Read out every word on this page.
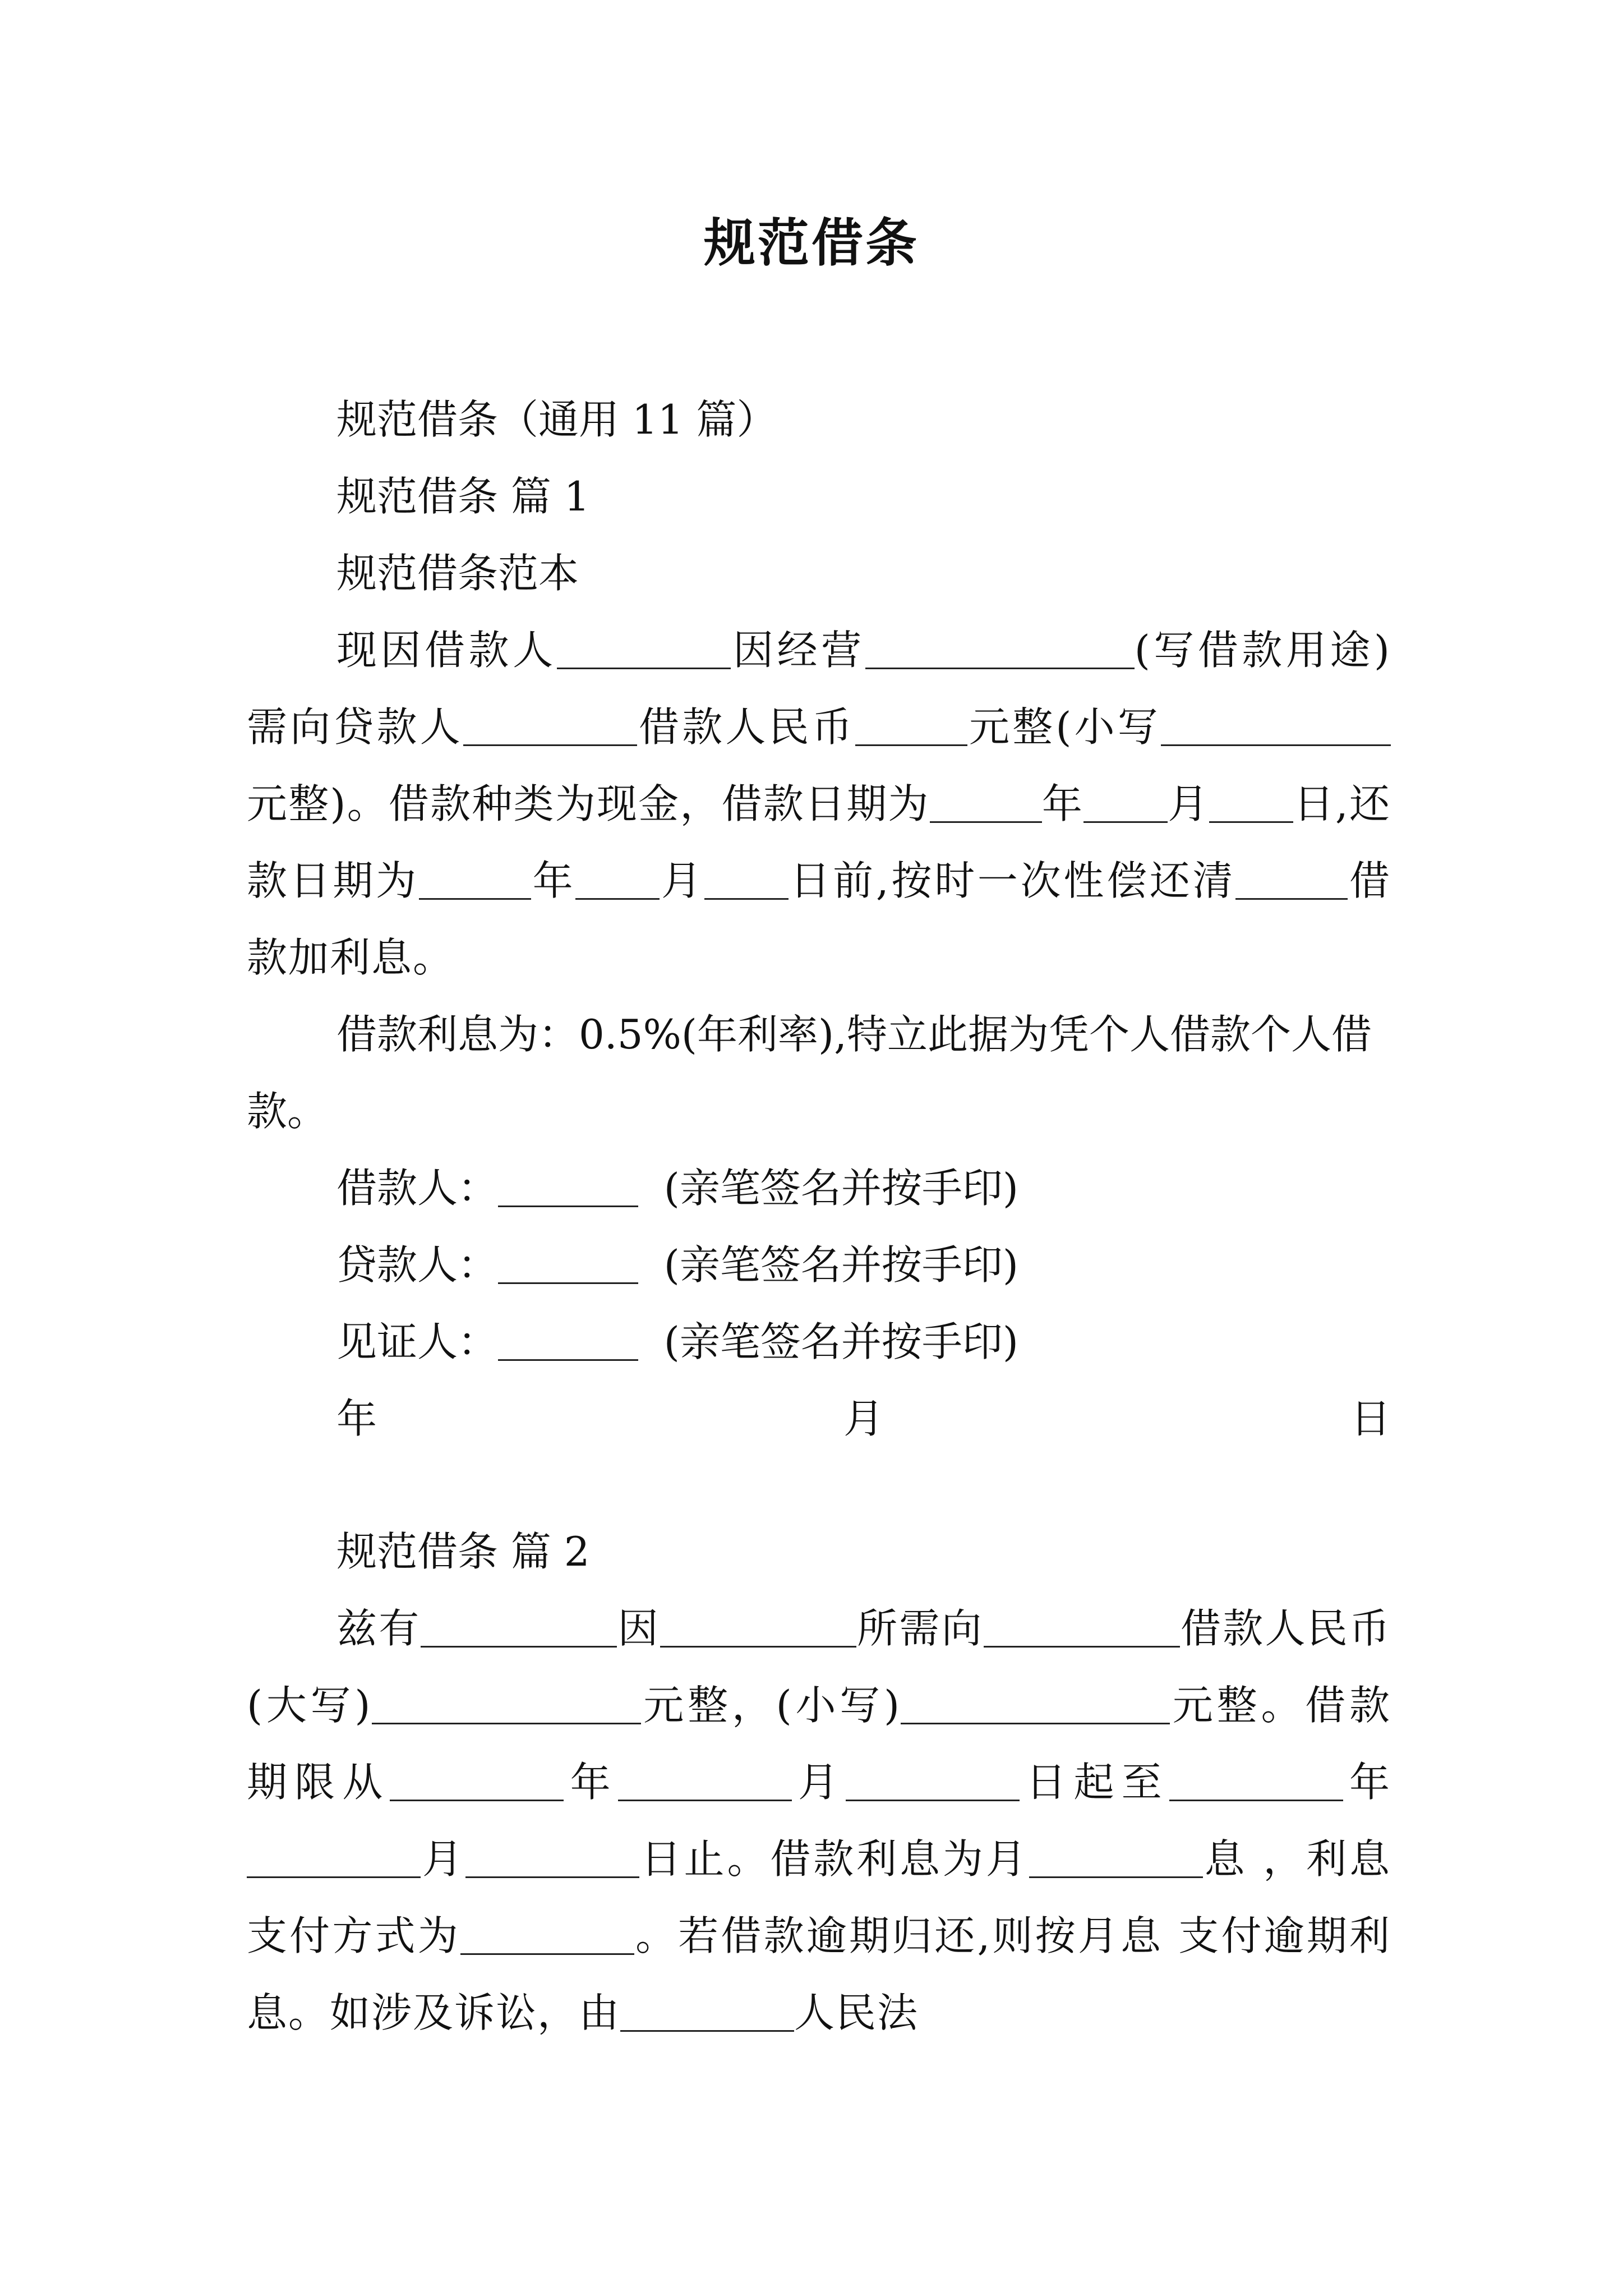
规范借条

规范借条（通用 11 篇）

规范借条 篇 1

规范借条范本

现因借款人	因经营	(写借款用途)需向贷款人	借款人民币	元整(小写元整)。借款种类为现金，借款日期为	年 月 日,还款日期为	年 月 日前,按时一次性偿还清	借款加利息。

借款利息为：0.5%(年利率),特立此据为凭个人借款个人借款。

借款人：	(亲笔签名并按手印)

贷款人：	(亲笔签名并按手印)

见证人：	(亲笔签名并按手印)

年	月	日

规范借条 篇 2

兹有	因	所需向	借款人民币(大写)	元整，(小写)	元整。借款期限从	年	月	日起至	年月	日止。借款利息为月	息 ，利息支付方式为	。若借款逾期归还,则按月息 支付逾期利息。如涉及诉讼，由	人民法
